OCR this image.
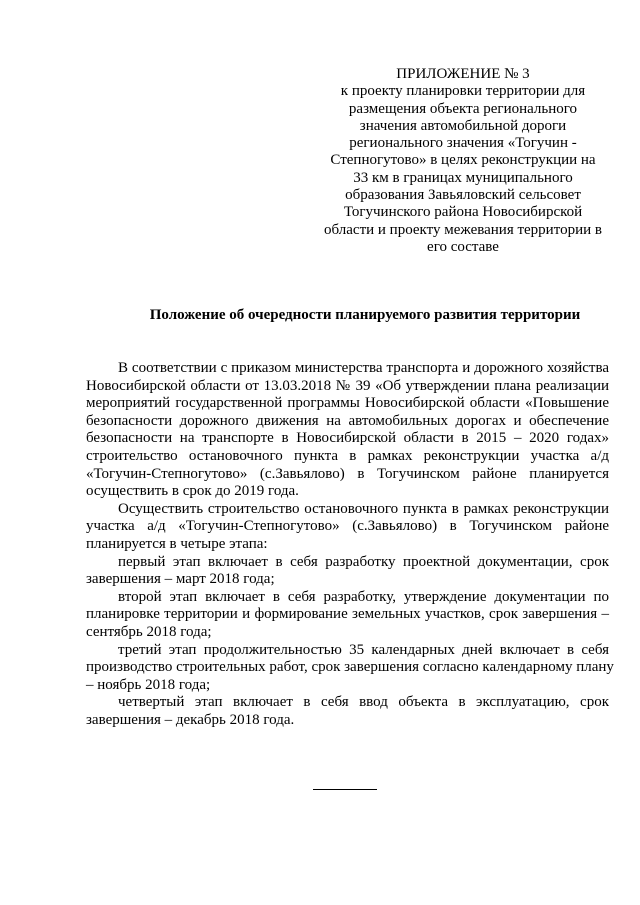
ПРИЛОЖЕНИЕ № 3
к проекту планировки территории для
размещения объекта регионального
значения автомобильной дороги
регионального значения «Тогучин -
Степногутово» в целях реконструкции на
33 км в границах муниципального
образования Завьяловский сельсовет
Тогучинского района Новосибирской
области и проекту межевания территории в
его составе
Положение об очередности планируемого развития территории
В соответствии с приказом министерства транспорта и дорожного хозяйства
Новосибирской области от 13.03.2018 № 39 «Об утверждении плана реализации
мероприятий государственной программы Новосибирской области «Повышение
безопасности дорожного движения на автомобильных дорогах и обеспечение
безопасности на транспорте в Новосибирской области в 2015 – 2020 годах»
строительство остановочного пункта в рамках реконструкции участка а/д
«Тогучин-Степногутово» (с.Завьялово) в Тогучинском районе планируется
осуществить в срок до 2019 года.
Осуществить строительство остановочного пункта в рамках реконструкции
участка а/д «Тогучин-Степногутово» (с.Завьялово) в Тогучинском районе
планируется в четыре этапа:
первый этап включает в себя разработку проектной документации, срок
завершения – март 2018 года;
второй этап включает в себя разработку, утверждение документации по
планировке территории и формирование земельных участков, срок завершения –
сентябрь 2018 года;
третий этап продолжительностью 35 календарных дней включает в себя
производство строительных работ, срок завершения согласно календарному плану
– ноябрь 2018 года;
четвертый этап включает в себя ввод объекта в эксплуатацию, срок
завершения – декабрь 2018 года.
